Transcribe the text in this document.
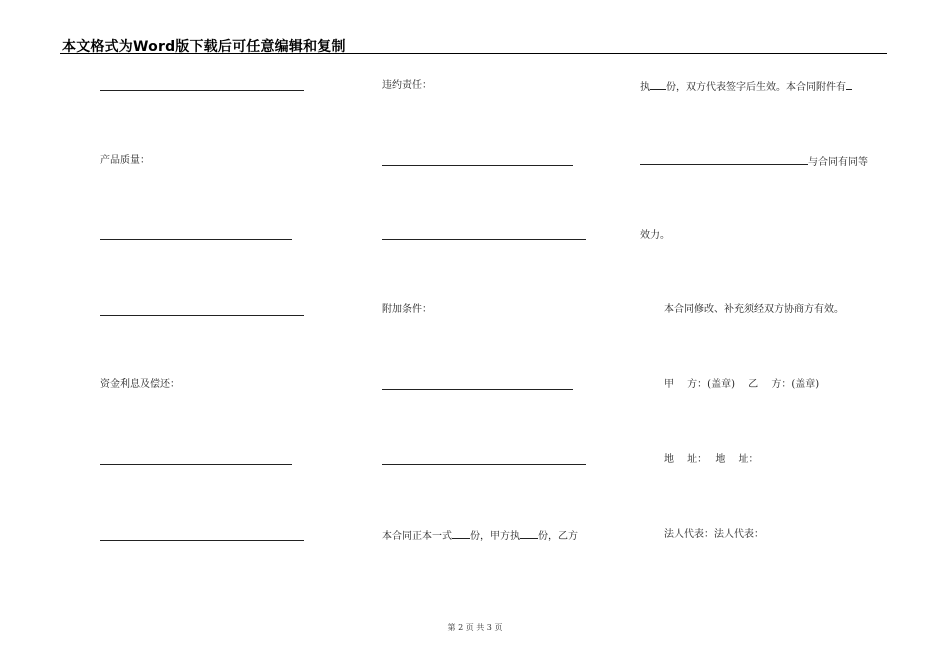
本文格式为Word版下载后可任意编辑和复制
产品质量：
资金利息及偿还：
违约责任：
附加条件：
本合同正本一式 份，甲方执 份，乙方
执 份，双方代表签字后生效。本合同附件有
与合同有同等
效力。
本合同修改、补充须经双方协商方有效。
甲　 方：(盖章)　 乙　 方：(盖章)
地　 址：　 地　 址：
法人代表：法人代表：
第 2 页 共 3 页
